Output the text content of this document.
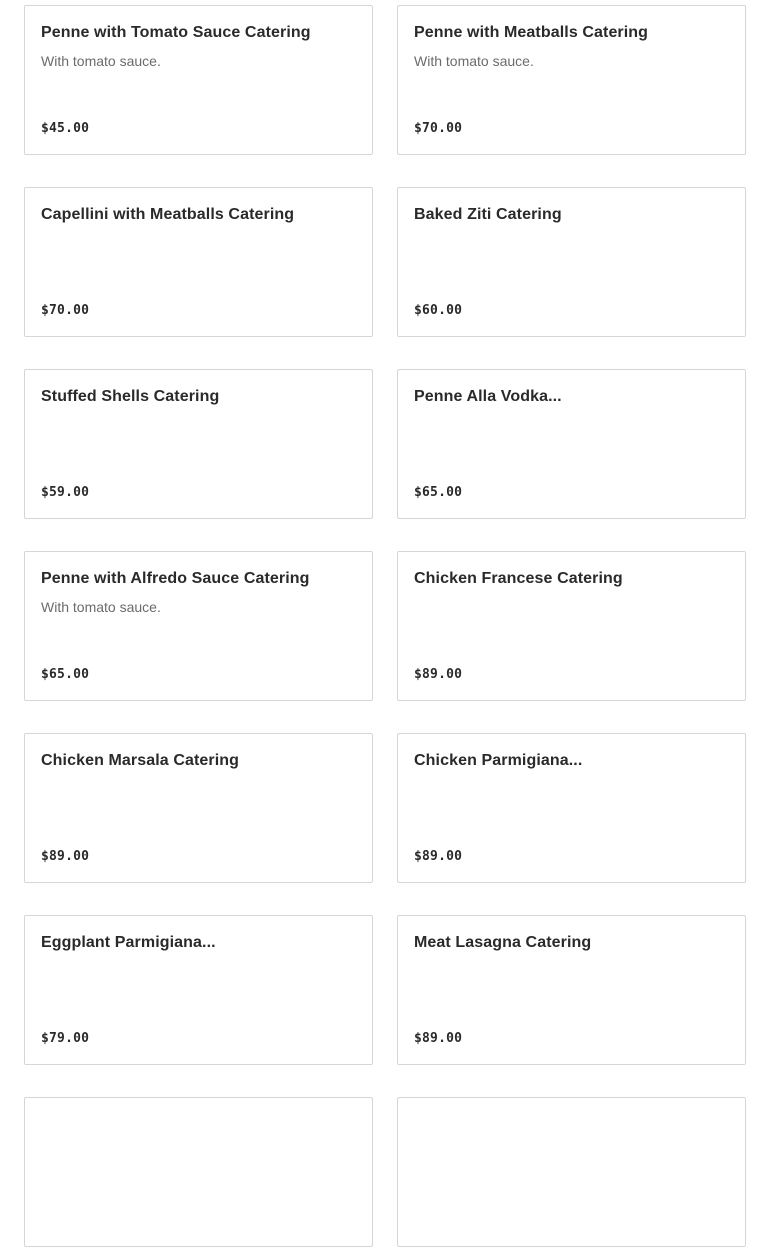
Penne with Tomato Sauce Catering
With tomato sauce.
$45.00
Penne with Meatballs Catering
With tomato sauce.
$70.00
Capellini with Meatballs Catering
$70.00
Baked Ziti Catering
$60.00
Stuffed Shells Catering
$59.00
Penne Alla Vodka...
$65.00
Penne with Alfredo Sauce Catering
With tomato sauce.
$65.00
Chicken Francese Catering
$89.00
Chicken Marsala Catering
$89.00
Chicken Parmigiana...
$89.00
Eggplant Parmigiana...
$79.00
Meat Lasagna Catering
$89.00
